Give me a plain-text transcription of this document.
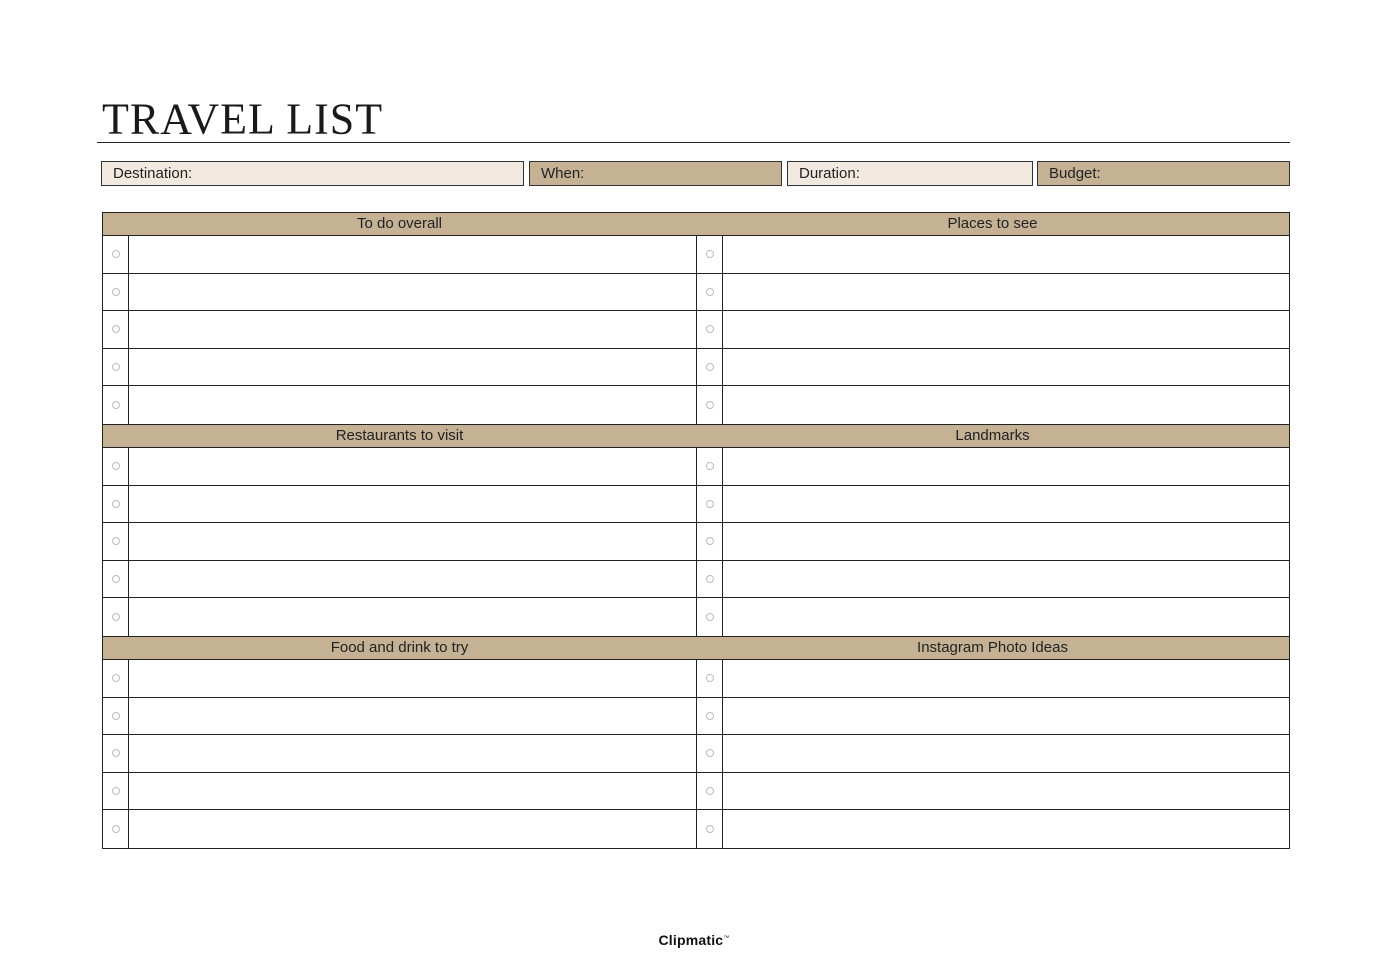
TRAVEL LIST
Destination:	When:	Duration:	Budget:
To do overall	Places to see
Restaurants to visit	Landmarks
Food and drink to try	Instagram Photo Ideas
Clipmatic™
